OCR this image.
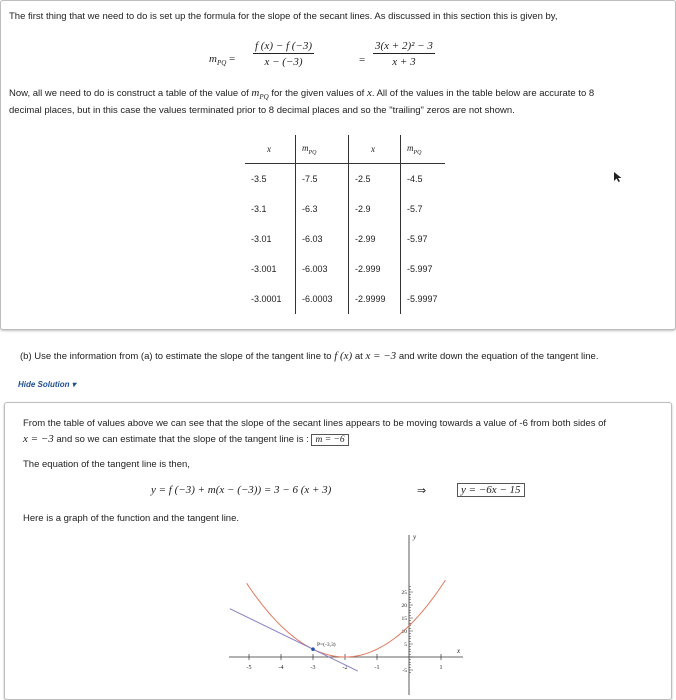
The first thing that we need to do is set up the formula for the slope of the secant lines. As discussed in this section this is given by,
$m_{PQ} = \frac{f (x) - f (-3)}{x - (-3)}$	= $\frac{\text{3(x + 2)² − 3}}{x + 3}$
Now, all we need to do is construct a table of the value of $m_{PQ}$ for the given values of x. All of the values in the table below are accurate to 8
decimal places, but in this case the values terminated prior to 8 decimal places and so the "trailing" zeros are not shown.
x	$m_{PQ}$	x	$m_{PQ}$
-3.5	-7.5	-2.5	-4.5
-3.1	-6.3	-2.9	-5.7
-3.01	-6.03	-2.99	-5.97
-3.001	-6.003	-2.999	-5.997
-3.0001	-6.0003	-2.9999	-5.9997
(b) Use the information from (a) to estimate the slope of the tangent line to f (x) at x = −3 and write down the equation of the tangent line.
Hide Solution ▾
From the table of values above we can see that the slope of the secant lines appears to be moving towards a value of -6 from both sides of
x = −3 and so we can estimate that the slope of the tangent line is : m = −6
The equation of the tangent line is then,
y = f (−3) + m(x − (−3)) = 3 − 6 (x + 3)	⇒	y = −6x − 15
Here is a graph of the function and the tangent line.
-5	-4	-3	-2	-1	1
25
20
15
10
5
-5
x
y
P=(-3,3)
